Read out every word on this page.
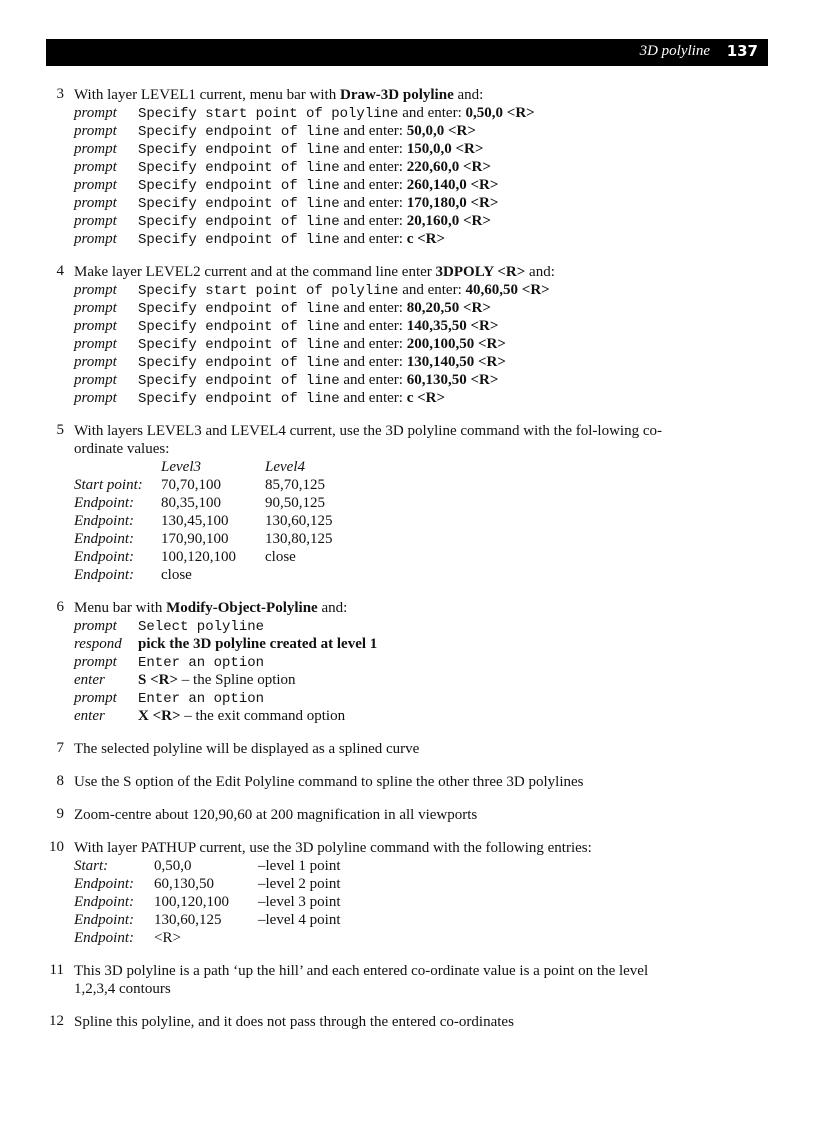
3D polyline 137
3 With layer LEVEL1 current, menu bar with Draw-3D polyline and:
prompt Specify start point of polyline and enter: 0,50,0 <R>
prompt Specify endpoint of line and enter: 50,0,0 <R>
prompt Specify endpoint of line and enter: 150,0,0 <R>
prompt Specify endpoint of line and enter: 220,60,0 <R>
prompt Specify endpoint of line and enter: 260,140,0 <R>
prompt Specify endpoint of line and enter: 170,180,0 <R>
prompt Specify endpoint of line and enter: 20,160,0 <R>
prompt Specify endpoint of line and enter: c <R>
4 Make layer LEVEL2 current and at the command line enter 3DPOLY <R> and:
prompt Specify start point of polyline and enter: 40,60,50 <R>
prompt Specify endpoint of line and enter: 80,20,50 <R>
prompt Specify endpoint of line and enter: 140,35,50 <R>
prompt Specify endpoint of line and enter: 200,100,50 <R>
prompt Specify endpoint of line and enter: 130,140,50 <R>
prompt Specify endpoint of line and enter: 60,130,50 <R>
prompt Specify endpoint of line and enter: c <R>
5 With layers LEVEL3 and LEVEL4 current, use the 3D polyline command with the fol-lowing co-ordinate values:
	Level3	Level4
Start point:	70,70,100	85,70,125
Endpoint:	80,35,100	90,50,125
Endpoint:	130,45,100	130,60,125
Endpoint:	170,90,100	130,80,125
Endpoint:	100,120,100	close
Endpoint:	close	
6 Menu bar with Modify-Object-Polyline and:
prompt Select polyline
respond pick the 3D polyline created at level 1
prompt Enter an option
enter S <R> – the Spline option
prompt Enter an option
enter X <R> – the exit command option
7 The selected polyline will be displayed as a splined curve
8 Use the S option of the Edit Polyline command to spline the other three 3D polylines
9 Zoom-centre about 120,90,60 at 200 magnification in all viewports
10 With layer PATHUP current, use the 3D polyline command with the following entries:
Start:	0,50,0	–level 1 point
Endpoint:	60,130,50	–level 2 point
Endpoint:	100,120,100	–level 3 point
Endpoint:	130,60,125	–level 4 point
Endpoint:	<R>	
11 This 3D polyline is a path ‘up the hill’ and each entered co-ordinate value is a point on the level 1,2,3,4 contours
12 Spline this polyline, and it does not pass through the entered co-ordinates
